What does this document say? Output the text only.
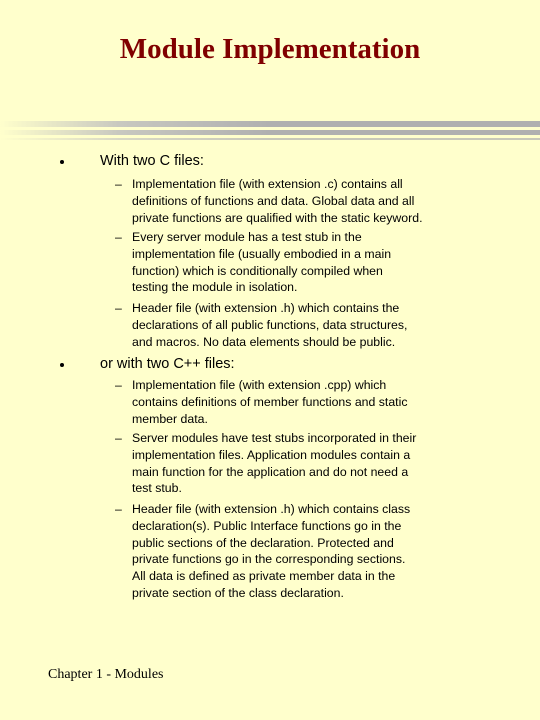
Module Implementation
With two C files:
– Implementation file (with extension .c) contains all
definitions of functions and data. Global data and all
private functions are qualified with the static keyword.
– Every server module has a test stub in the
implementation file (usually embodied in a main
function) which is conditionally compiled when
testing the module in isolation.
– Header file (with extension .h) which contains the
declarations of all public functions, data structures,
and macros. No data elements should be public.
or with two C++ files:
– Implementation file (with extension .cpp) which
contains definitions of member functions and static
member data.
– Server modules have test stubs incorporated in their
implementation files. Application modules contain a
main function for the application and do not need a
test stub.
– Header file (with extension .h) which contains class
declaration(s). Public Interface functions go in the
public sections of the declaration. Protected and
private functions go in the corresponding sections.
All data is defined as private member data in the
private section of the class declaration.
Chapter 1 - Modules
